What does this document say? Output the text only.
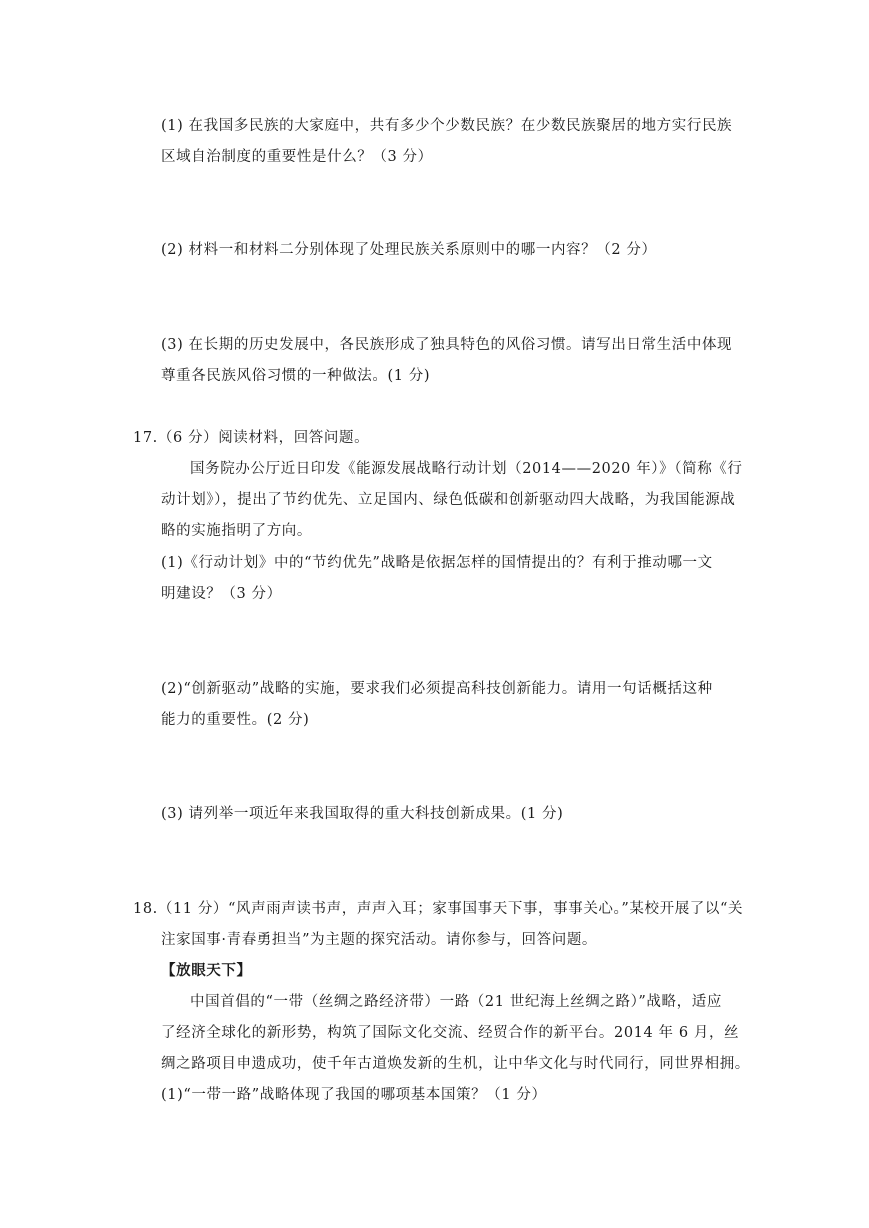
(1) 在我国多民族的大家庭中，共有多少个少数民族？在少数民族聚居的地方实行民族
区域自治制度的重要性是什么？（3 分）
(2) 材料一和材料二分别体现了处理民族关系原则中的哪一内容？（2 分）
(3) 在长期的历史发展中，各民族形成了独具特色的风俗习惯。请写出日常生活中体现
尊重各民族风俗习惯的一种做法。(1 分)
17.（6 分）阅读材料，回答问题。
国务院办公厅近日印发《能源发展战略行动计划（2014——2020 年）》（简称《行
动计划》），提出了节约优先、立足国内、绿色低碳和创新驱动四大战略，为我国能源战
略的实施指明了方向。
(1)《行动计划》中的“节约优先”战略是依据怎样的国情提出的？有利于推动哪一文
明建设？（3 分）
(2)“创新驱动”战略的实施，要求我们必须提高科技创新能力。请用一句话概括这种
能力的重要性。(2 分)
(3) 请列举一项近年来我国取得的重大科技创新成果。(1 分)
18.（11 分）“风声雨声读书声，声声入耳；家事国事天下事，事事关心。”某校开展了以“关
注家国事·青春勇担当”为主题的探究活动。请你参与，回答问题。
【放眼天下】
中国首倡的“一带（丝绸之路经济带）一路（21 世纪海上丝绸之路）”战略，适应
了经济全球化的新形势，构筑了国际文化交流、经贸合作的新平台。2014 年 6 月，丝
绸之路项目申遗成功，使千年古道焕发新的生机，让中华文化与时代同行，同世界相拥。
(1)“一带一路”战略体现了我国的哪项基本国策？（1 分）
